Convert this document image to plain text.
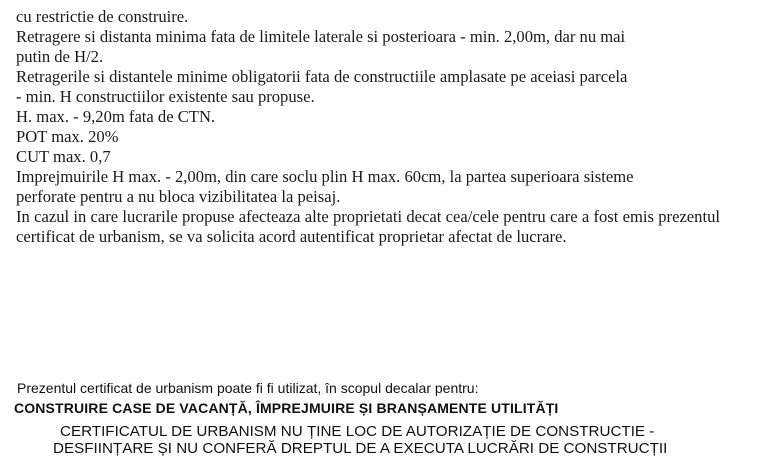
cu restrictie de construire.
Retragere si distanta minima fata de limitele laterale si posterioara - min. 2,00m, dar nu mai
putin de H/2.
Retragerile si distantele minime obligatorii fata de constructiile amplasate pe aceiasi parcela
- min. H constructiilor existente sau propuse.
H. max. - 9,20m fata de CTN.
POT max. 20%
CUT max. 0,7
Imprejmuirile H max. - 2,00m, din care soclu plin H max. 60cm, la partea superioara sisteme
perforate pentru a nu bloca vizibilitatea la peisaj.
In cazul in care lucrarile propuse afecteaza alte proprietati decat cea/cele pentru care a fost emis prezentul certificat de urbanism, se va solicita acord autentificat proprietar afectat de lucrare.
Prezentul certificat de urbanism poate fi fi utilizat, în scopul decalar pentru:
CONSTRUIRE CASE DE VACANȚĂ, ÎMPREJMUIRE ȘI BRANȘAMENTE UTILITĂȚI
CERTIFICATUL DE URBANISM NU ȚINE LOC DE AUTORIZAȚIE DE CONSTRUCTIE -
DESFIINȚARE ȘI NU CONFERĂ DREPTUL DE A EXECUTA LUCRĂRI DE CONSTRUCȚII
